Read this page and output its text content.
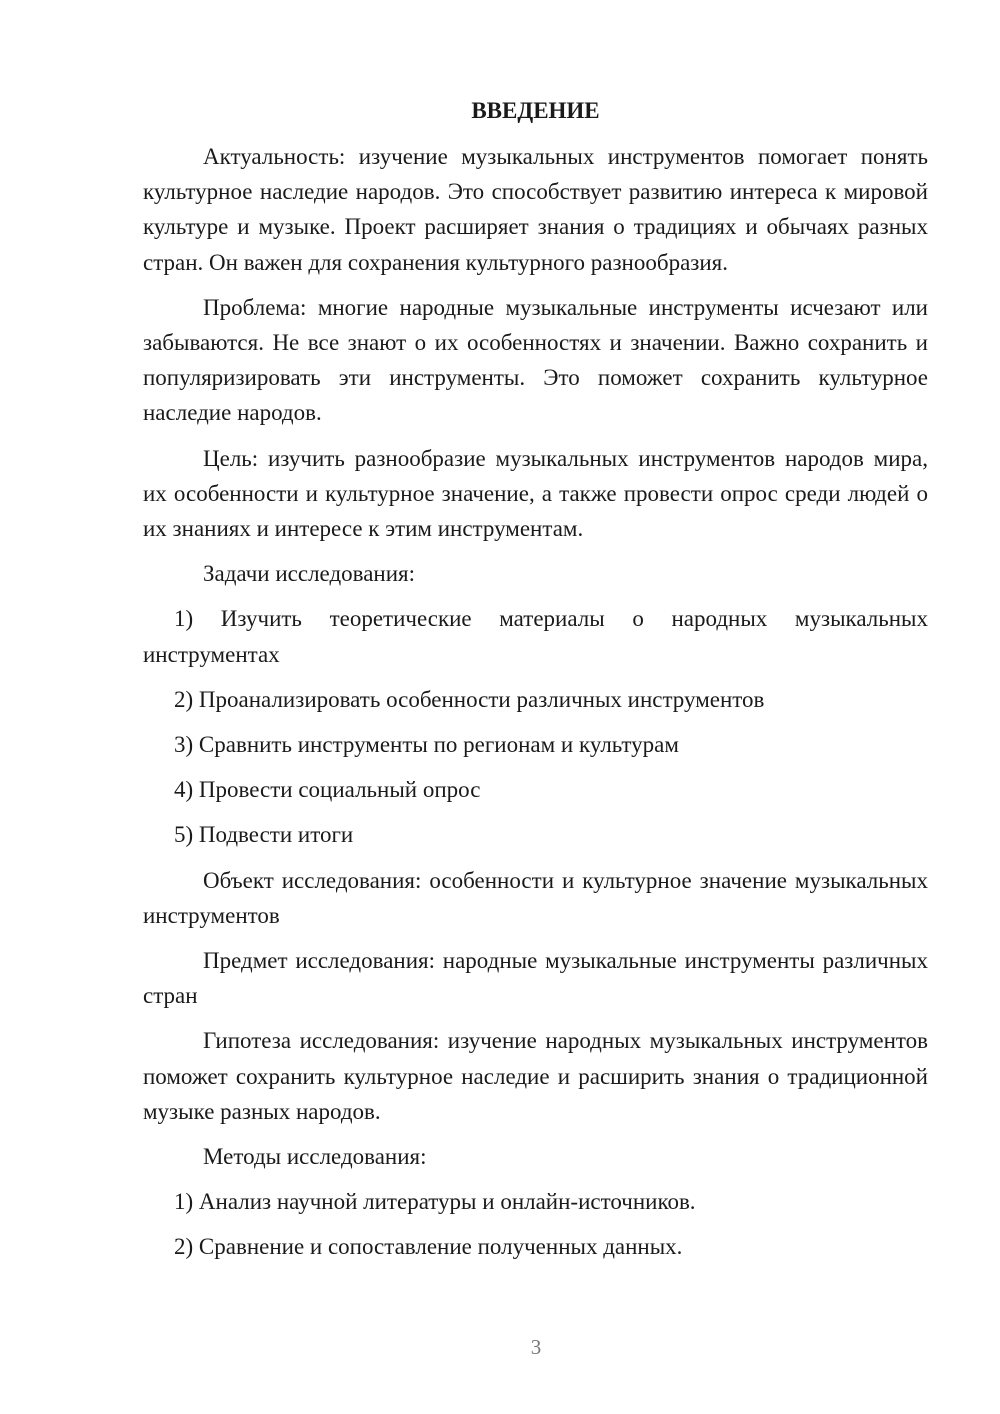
ВВЕДЕНИЕ

Актуальность: изучение музыкальных инструментов помогает понять культурное наследие народов. Это способствует развитию интереса к мировой культуре и музыке. Проект расширяет знания о традициях и обычаях разных стран. Он важен для сохранения культурного разнообразия.

Проблема: многие народные музыкальные инструменты исчезают или забываются. Не все знают о их особенностях и значении. Важно сохранить и популяризировать эти инструменты. Это поможет сохранить культурное наследие народов.

Цель: изучить разнообразие музыкальных инструментов народов мира, их особенности и культурное значение, а также провести опрос среди людей о их знаниях и интересе к этим инструментам.

Задачи исследования:

1) Изучить теоретические материалы о народных музыкальных инструментах

2) Проанализировать особенности различных инструментов

3) Сравнить инструменты по регионам и культурам

4) Провести социальный опрос

5) Подвести итоги

Объект исследования: особенности и культурное значение музыкальных инструментов

Предмет исследования: народные музыкальные инструменты различных стран

Гипотеза исследования: изучение народных музыкальных инструментов поможет сохранить культурное наследие и расширить знания о традиционной музыке разных народов.

Методы исследования:

1) Анализ научной литературы и онлайн-источников.

2) Сравнение и сопоставление полученных данных.

3
